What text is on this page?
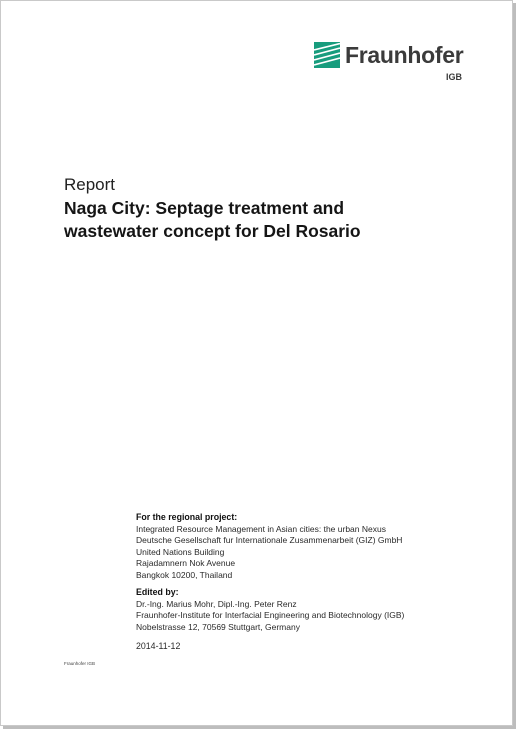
Fraunhofer
IGB
Report
Naga City: Septage treatment and
wastewater concept for Del Rosario
For the regional project:
Integrated Resource Management in Asian cities: the urban Nexus
Deutsche Gesellschaft fur Internationale Zusammenarbeit (GIZ) GmbH
United Nations Building
Rajadamnern Nok Avenue
Bangkok 10200, Thailand
Edited by:
Dr.-Ing. Marius Mohr, Dipl.-Ing. Peter Renz
Fraunhofer-Institute for Interfacial Engineering and Biotechnology (IGB)
Nobelstrasse 12, 70569 Stuttgart, Germany
2014-11-12
Fraunhofer IGB
